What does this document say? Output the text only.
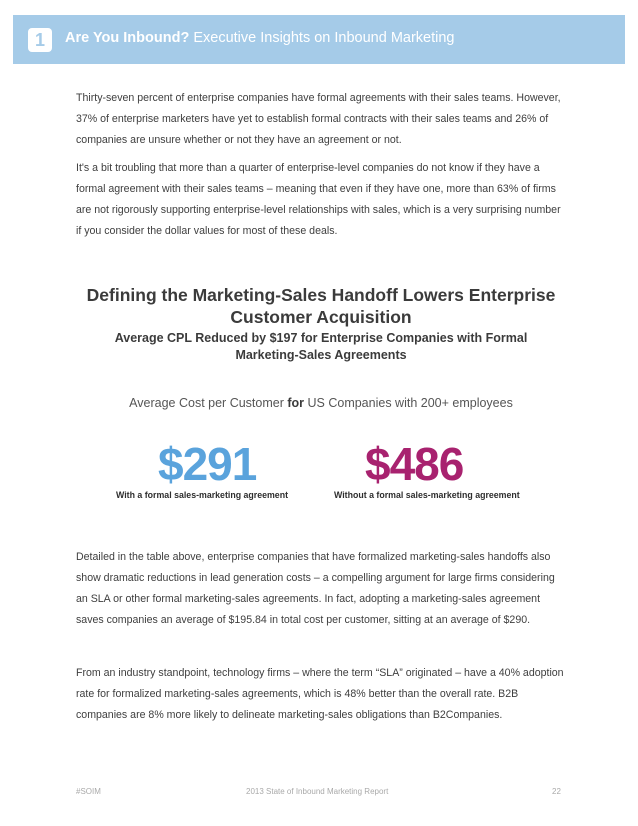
1	Are You Inbound? Executive Insights on Inbound Marketing

Thirty-seven percent of enterprise companies have formal agreements with their sales teams. However, 37% of enterprise marketers have yet to establish formal contracts with their sales teams and 26% of companies are unsure whether or not they have an agreement or not.

It's a bit troubling that more than a quarter of enterprise-level companies do not know if they have a formal agreement with their sales teams – meaning that even if they have one, more than 63% of firms are not rigorously supporting enterprise-level relationships with sales, which is a very surprising number if you consider the dollar values for most of these deals.

Defining the Marketing-Sales Handoff Lowers Enterprise
Customer Acquisition
Average CPL Reduced by $197 for Enterprise Companies with Formal
Marketing-Sales Agreements
Average Cost per Customer for US Companies with 200+ employees
$291
With a formal sales-marketing agreement
$486
Without a formal sales-marketing agreement

Detailed in the table above, enterprise companies that have formalized marketing-sales handoffs also show dramatic reductions in lead generation costs – a compelling argument for large firms considering an SLA or other formal marketing-sales agreements. In fact, adopting a marketing-sales agreement saves companies an average of $195.84 in total cost per customer, sitting at an average of $290.

From an industry standpoint, technology firms – where the term “SLA” originated – have a 40% adoption rate for formalized marketing-sales agreements, which is 48% better than the overall rate. B2B companies are 8% more likely to delineate marketing-sales obligations than B2Companies.

#SOIM	2013 State of Inbound Marketing Report	22
